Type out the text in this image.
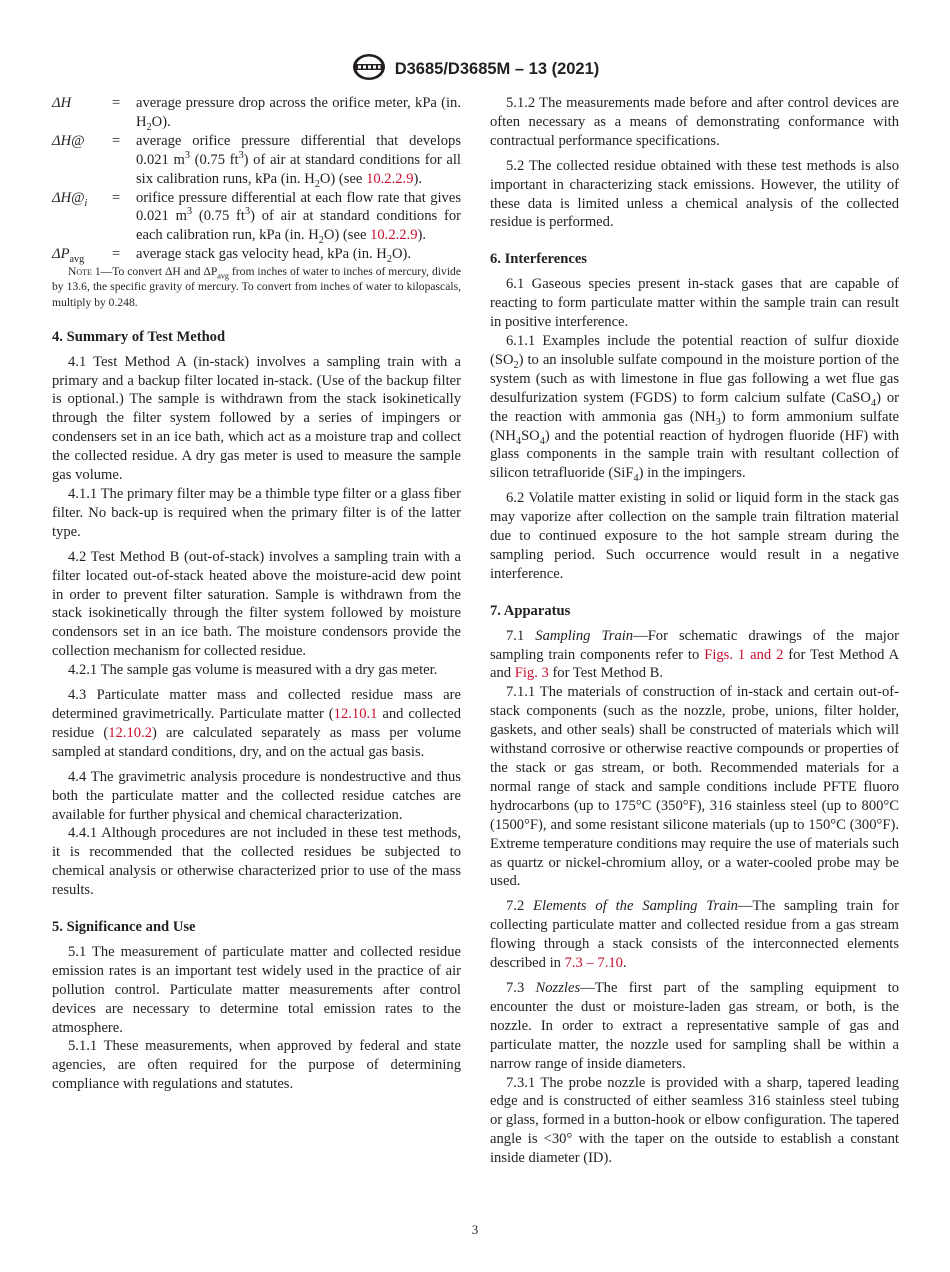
D3685/D3685M – 13 (2021)
ΔH	=	average pressure drop across the orifice meter, kPa (in. $H_2O$).
ΔH@	=	average orifice pressure differential that develops 0.021 $m^3$ (0.75 $ft^3$) of air at standard conditions for all six calibration runs, kPa (in. $H_2O$) (see 10.2.2.9).
$\Delta H@_i$	=	orifice pressure differential at each flow rate that gives 0.021 $m^3$ (0.75 $ft^3$) of air at standard conditions for each calibration run, kPa (in. $H_2O$) (see 10.2.2.9).
$\Delta P_{avg}$	=	average stack gas velocity head, kPa (in. $H_2O$).

Note 1—To convert ΔH and $\Delta P_{avg}$ from inches of water to inches of mercury, divide by 13.6, the specific gravity of mercury. To convert from inches of water to kilopascals, multiply by 0.248.

4. Summary of Test Method

4.1 Test Method A (in-stack) involves a sampling train with a primary and a backup filter located in-stack. (Use of the backup filter is optional.) The sample is withdrawn from the stack isokinetically through the filter system followed by a series of impingers or condensers set in an ice bath, which act as a moisture trap and collect the collected residue. A dry gas meter is used to measure the sample gas volume.

4.1.1 The primary filter may be a thimble type filter or a glass fiber filter. No back-up is required when the primary filter is of the latter type.

4.2 Test Method B (out-of-stack) involves a sampling train with a filter located out-of-stack heated above the moisture-acid dew point in order to prevent filter saturation. Sample is withdrawn from the stack isokinetically through the filter system followed by moisture condensors set in an ice bath. The moisture condensors provide the collection mechanism for collected residue.

4.2.1 The sample gas volume is measured with a dry gas meter.

4.3 Particulate matter mass and collected residue mass are determined gravimetrically. Particulate matter (12.10.1 and collected residue (12.10.2) are calculated separately as mass per volume sampled at standard conditions, dry, and on the actual gas basis.

4.4 The gravimetric analysis procedure is nondestructive and thus both the particulate matter and the collected residue catches are available for further physical and chemical characterization.

4.4.1 Although procedures are not included in these test methods, it is recommended that the collected residues be subjected to chemical analysis or otherwise characterized prior to use of the mass results.

5. Significance and Use

5.1 The measurement of particulate matter and collected residue emission rates is an important test widely used in the practice of air pollution control. Particulate matter measurements after control devices are necessary to determine total emission rates to the atmosphere.

5.1.1 These measurements, when approved by federal and state agencies, are often required for the purpose of determining compliance with regulations and statutes.

5.1.2 The measurements made before and after control devices are often necessary as a means of demonstrating conformance with contractual performance specifications.

5.2 The collected residue obtained with these test methods is also important in characterizing stack emissions. However, the utility of these data is limited unless a chemical analysis of the collected residue is performed.

6. Interferences

6.1 Gaseous species present in-stack gases that are capable of reacting to form particulate matter within the sample train can result in positive interference.

6.1.1 Examples include the potential reaction of sulfur dioxide $(SO_2)$ to an insoluble sulfate compound in the moisture portion of the system (such as with limestone in flue gas following a wet flue gas desulfurization system (FGDS) to form calcium sulfate (CaSO$_4$) or the reaction with ammonia gas $(NH_3)$ to form ammonium sulfate $(NH_4SO_4)$ and the potential reaction of hydrogen fluoride (HF) with glass components in the sample train with resultant collection of silicon tetrafluoride (SiF$_4$) in the impingers.

6.2 Volatile matter existing in solid or liquid form in the stack gas may vaporize after collection on the sample train filtration material due to continued exposure to the hot sample stream during the sampling period. Such occurrence would result in a negative interference.

7. Apparatus

7.1 Sampling Train—For schematic drawings of the major sampling train components refer to Figs. 1 and 2 for Test Method A and Fig. 3 for Test Method B.

7.1.1 The materials of construction of in-stack and certain out-of-stack components (such as the nozzle, probe, unions, filter holder, gaskets, and other seals) shall be constructed of materials which will withstand corrosive or otherwise reactive compounds or properties of the stack or gas stream, or both. Recommended materials for a normal range of stack and sample conditions include PFTE fluoro hydrocarbons (up to 175°C (350°F), 316 stainless steel (up to 800°C (1500°F), and some resistant silicone materials (up to 150°C (300°F). Extreme temperature conditions may require the use of materials such as quartz or nickel-chromium alloy, or a water-cooled probe may be used.

7.2 Elements of the Sampling Train—The sampling train for collecting particulate matter and collected residue from a gas stream flowing through a stack consists of the interconnected elements described in 7.3 – 7.10.

7.3 Nozzles—The first part of the sampling equipment to encounter the dust or moisture-laden gas stream, or both, is the nozzle. In order to extract a representative sample of gas and particulate matter, the nozzle used for sampling shall be within a narrow range of inside diameters.

7.3.1 The probe nozzle is provided with a sharp, tapered leading edge and is constructed of either seamless 316 stainless steel tubing or glass, formed in a button-hook or elbow configuration. The tapered angle is <30° with the taper on the outside to establish a constant inside diameter (ID).

3
